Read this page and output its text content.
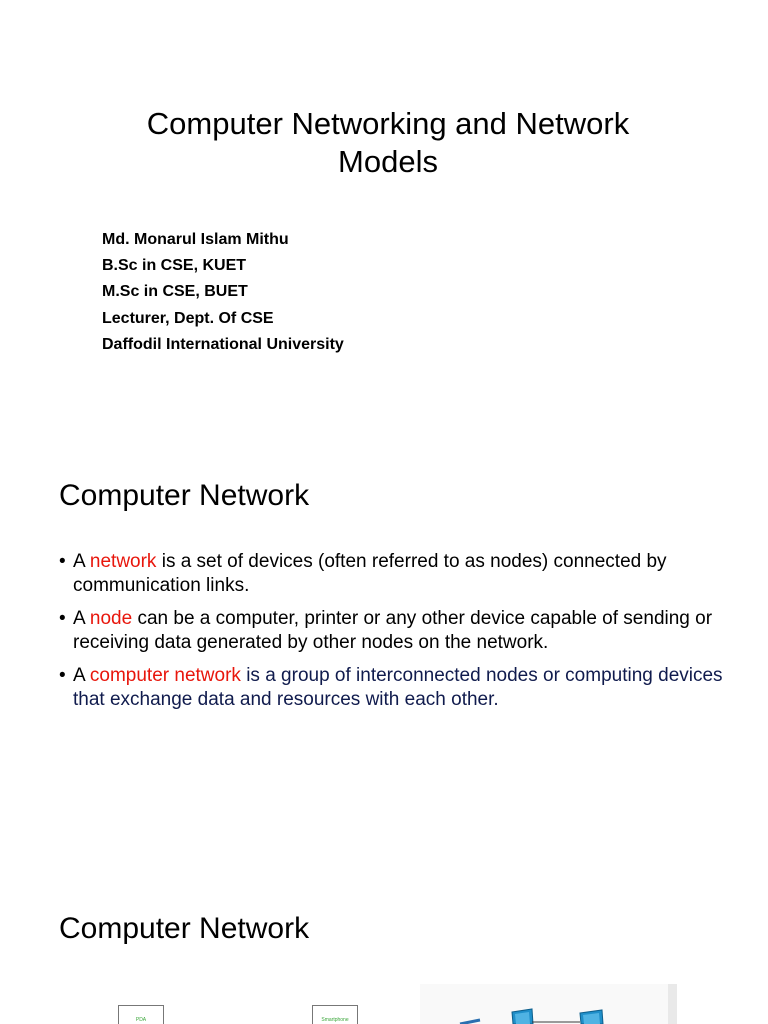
Computer Networking and Network
Models
Md. Monarul Islam Mithu
B.Sc in CSE, KUET
M.Sc in CSE, BUET
Lecturer, Dept. Of CSE
Daffodil International University
Computer Network
• A network is a set of devices (often referred to as nodes) connected by communication links.
• A node can be a computer, printer or any other device capable of sending or receiving data generated by other nodes on the network.
• A computer network is a group of interconnected nodes or computing devices that exchange data and resources with each other.
Computer Network
PDA	Smartphone
